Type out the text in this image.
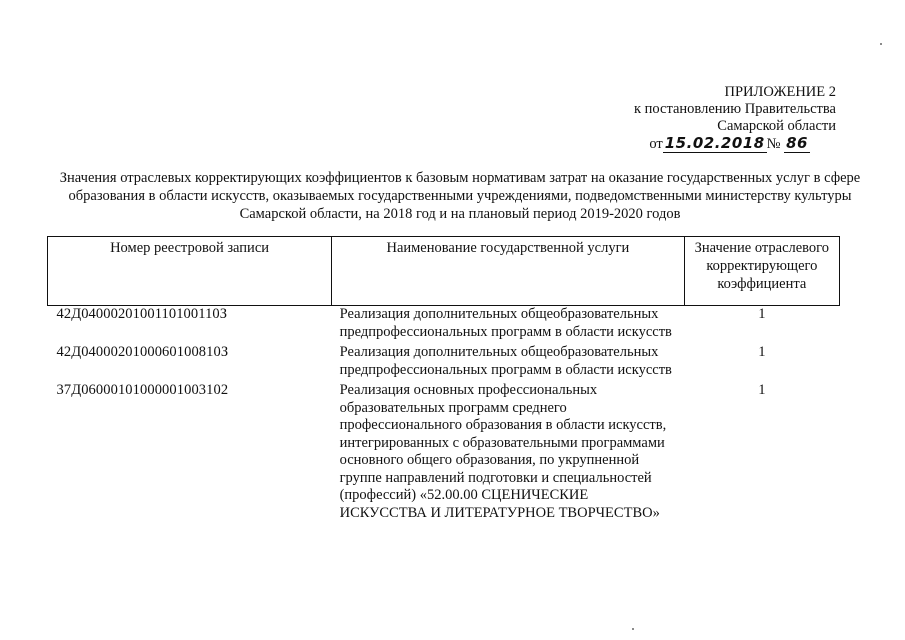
ПРИЛОЖЕНИЕ 2
к постановлению Правительства
Самарской области
от 15.02.2018 № 86
Значения отраслевых корректирующих коэффициентов к базовым нормативам затрат на оказание государственных услуг в сфере образования в области искусств, оказываемых государственными учреждениями, подведомственными министерству культуры Самарской области, на 2018 год и на плановый период 2019-2020 годов
Номер реестровой записи	Наименование государственной услуги	Значение отраслевого корректирующего коэффициента
42Д0400020100110100110З	Реализация дополнительных общеобразовательных предпрофессиональных программ в области искусств	1
42Д0400020100060100810З	Реализация дополнительных общеобразовательных предпрофессиональных программ в области искусств	1
37Д06000101000001003102	Реализация основных профессиональных образовательных программ среднего профессионального образования в области искусств, интегрированных с образовательными программами основного общего образования, по укрупненной группе направлений подготовки и специальностей (профессий) «52.00.00 СЦЕНИЧЕСКИЕ ИСКУССТВА И ЛИТЕРАТУРНОЕ ТВОРЧЕСТВО»	1
